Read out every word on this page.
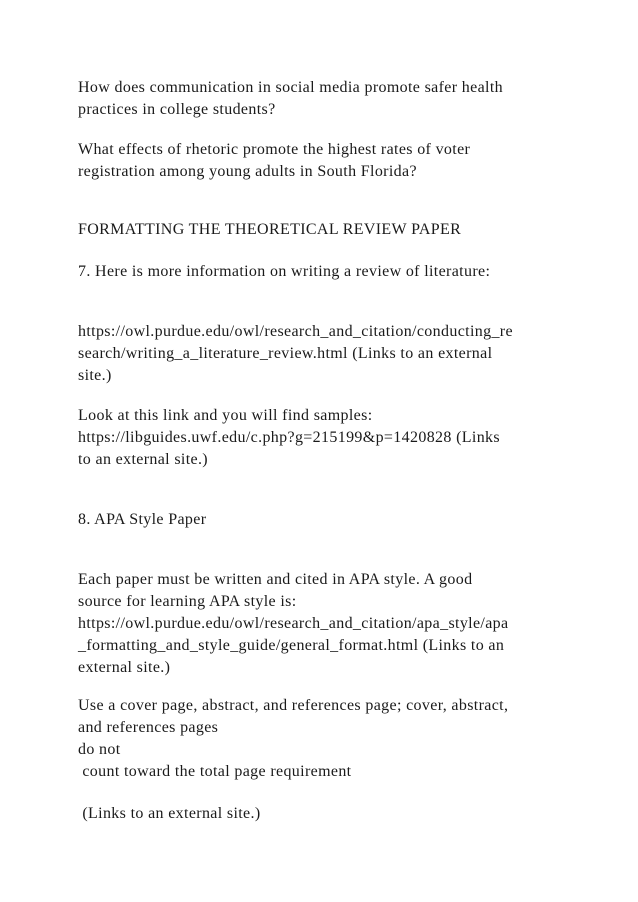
How does communication in social media promote safer health

practices in college students?

What effects of rhetoric promote the highest rates of voter

registration among young adults in South Florida?

FORMATTING THE THEORETICAL REVIEW PAPER

7. Here is more information on writing a review of literature:

https://owl.purdue.edu/owl/research_and_citation/conducting_re

search/writing_a_literature_review.html (Links to an external

site.)

Look at this link and you will find samples:

https://libguides.uwf.edu/c.php?g=215199&p=1420828 (Links

to an external site.)

8. APA Style Paper

Each paper must be written and cited in APA style. A good

source for learning APA style is:

https://owl.purdue.edu/owl/research_and_citation/apa_style/apa

_formatting_and_style_guide/general_format.html (Links to an

external site.)

Use a cover page, abstract, and references page; cover, abstract,

and references pages

do not

count toward the total page requirement

(Links to an external site.)
